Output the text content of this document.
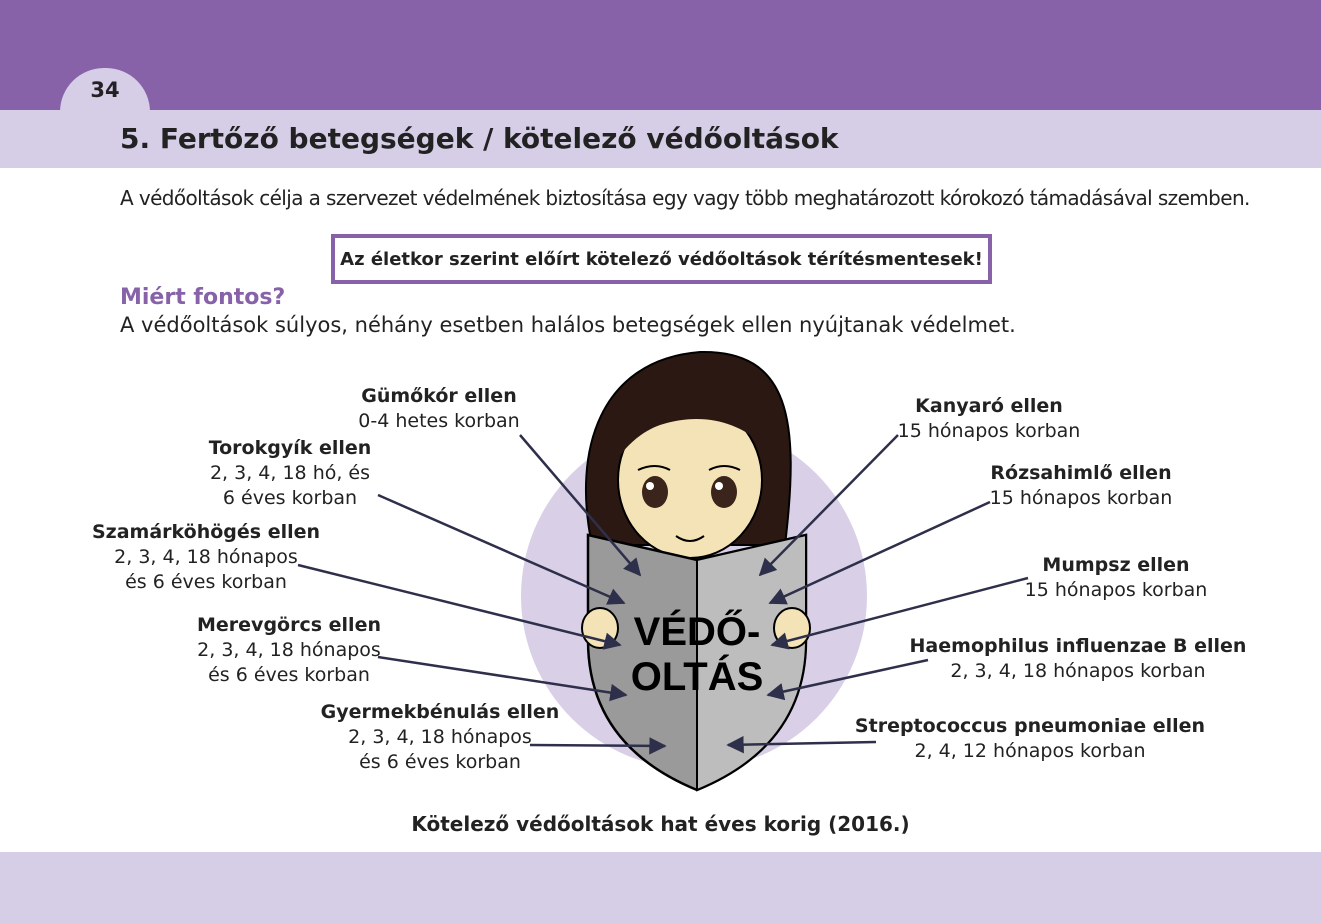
34
5. Fertőző betegségek / kötelező védőoltások
A védőoltások célja a szervezet védelmének biztosítása egy vagy több meghatározott kórokozó támadásával szemben.
Az életkor szerint előírt kötelező védőoltások térítésmentesek!
Miért fontos?
A védőoltások súlyos, néhány esetben halálos betegségek ellen nyújtanak védelmet.
VÉDŐ-
OLTÁS
Gümőkór ellen
0-4 hetes korban
Torokgyík ellen
2, 3, 4, 18 hó, és
6 éves korban
Szamárköhögés ellen
2, 3, 4, 18 hónapos
és 6 éves korban
Merevgörcs ellen
2, 3, 4, 18 hónapos
és 6 éves korban
Gyermekbénulás ellen
2, 3, 4, 18 hónapos
és 6 éves korban
Kanyaró ellen
15 hónapos korban
Rózsahimlő ellen
15 hónapos korban
Mumpsz ellen
15 hónapos korban
Haemophilus influenzae B ellen
2, 3, 4, 18 hónapos korban
Streptococcus pneumoniae ellen
2, 4, 12 hónapos korban
Kötelező védőoltások hat éves korig (2016.)
